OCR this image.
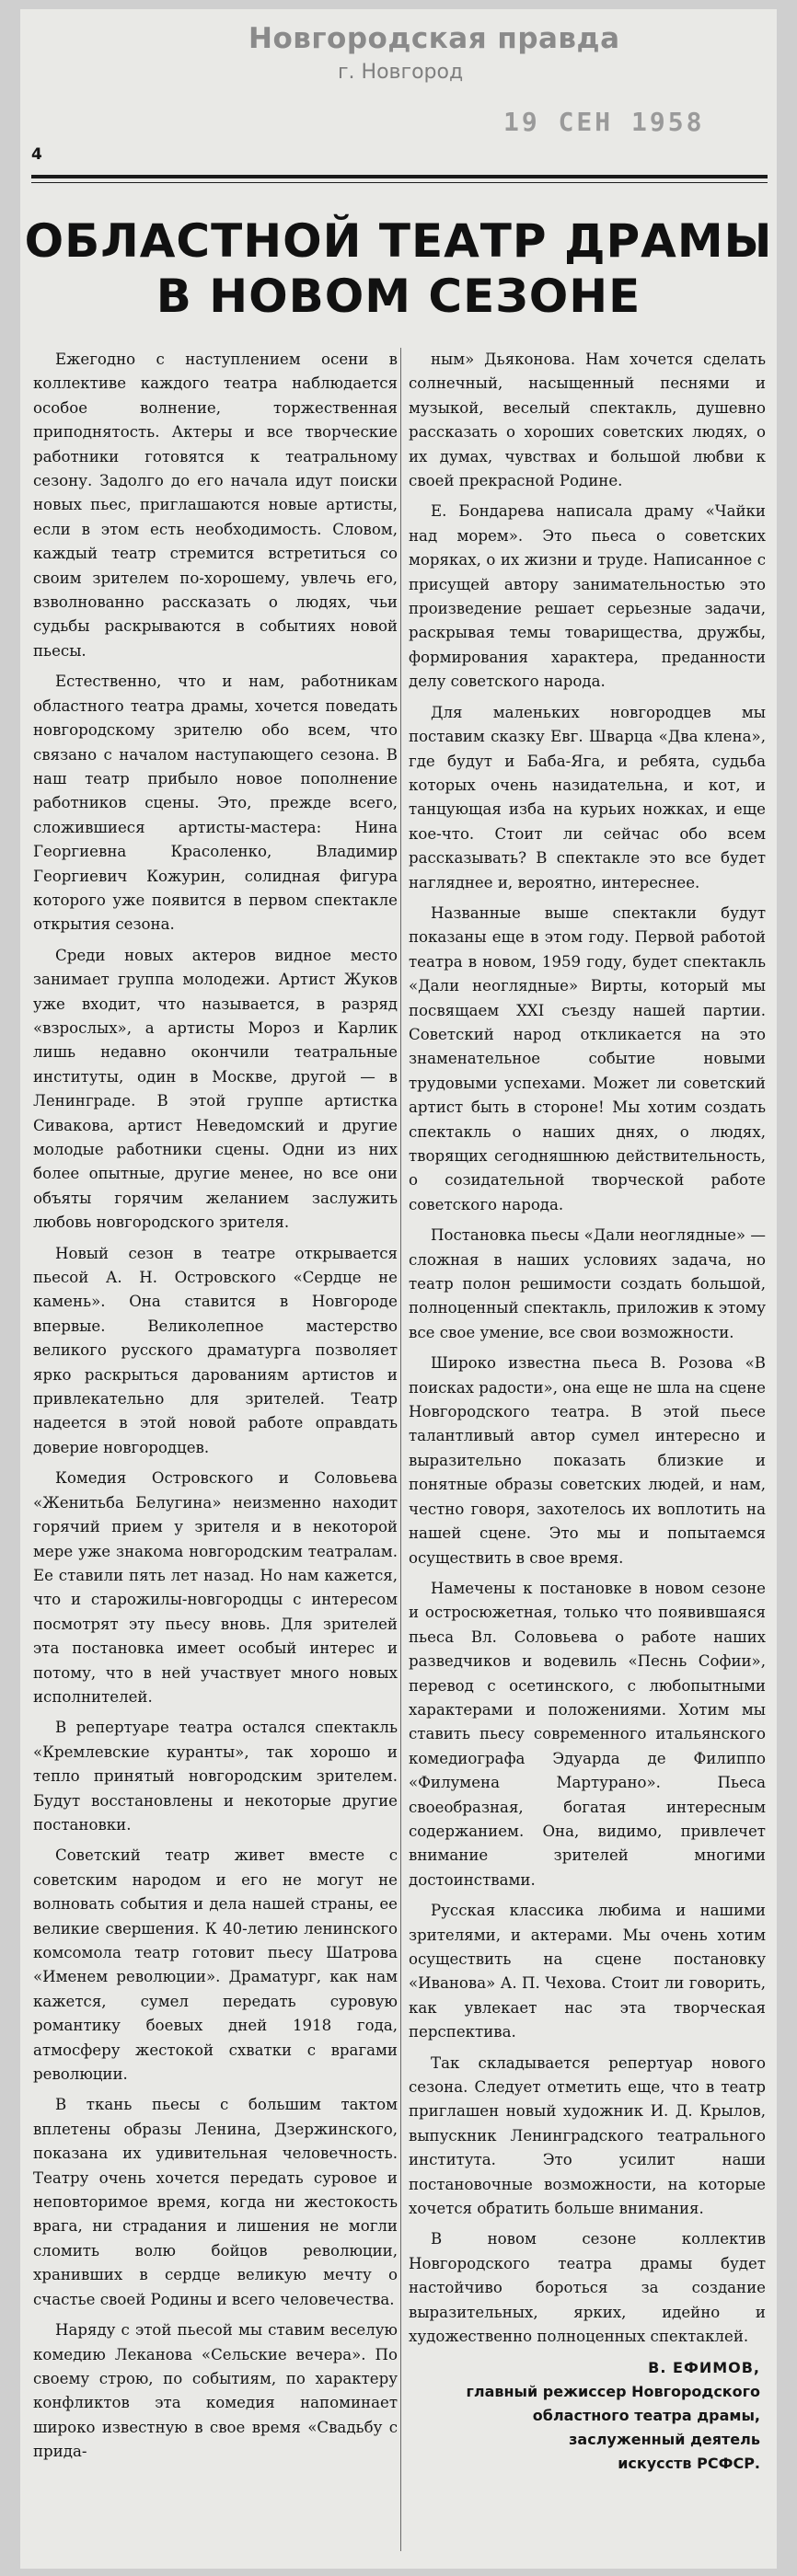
Новгородская правда
г. Новгород
19 СЕН 1958
4
ОБЛАСТНОЙ ТЕАТР ДРАМЫ
В НОВОМ СЕЗОНЕ

Ежегодно с наступлением осени в коллективе каждого театра наблюдается особое волнение, торжественная приподнятость. Актеры и все творческие работники готовятся к театральному сезону. Задолго до его начала идут поиски новых пьес, приглашаются новые артисты, если в этом есть необходимость. Словом, каждый театр стремится встретиться со своим зрителем по-хорошему, увлечь его, взволнованно рассказать о людях, чьи судьбы раскрываются в событиях новой пьесы.

Естественно, что и нам, работникам областного театра драмы, хочется поведать новгородскому зрителю обо всем, что связано с началом наступающего сезона. В наш театр прибыло новое пополнение работников сцены. Это, прежде всего, сложившиеся артисты-мастера: Нина Георгиевна Красоленко, Владимир Георгиевич Кожурин, солидная фигура которого уже появится в первом спектакле открытия сезона.

Среди новых актеров видное место занимает группа молодежи. Артист Жуков уже входит, что называется, в разряд «взрослых», а артисты Мороз и Карлик лишь недавно окончили театральные институты, один в Москве, другой — в Ленинграде. В этой группе артистка Сивакова, артист Неведомский и другие молодые работники сцены. Одни из них более опытные, другие менее, но все они объяты горячим желанием заслужить любовь новгородского зрителя.

Новый сезон в театре открывается пьесой А. Н. Островского «Сердце не камень». Она ставится в Новгороде впервые. Великолепное мастерство великого русского драматурга позволяет ярко раскрыться дарованиям артистов и привлекательно для зрителей. Театр надеется в этой новой работе оправдать доверие новгородцев.

Комедия Островского и Соловьева «Женитьба Белугина» неизменно находит горячий прием у зрителя и в некоторой мере уже знакома новгородским театралам. Ее ставили пять лет назад. Но нам кажется, что и старожилы-новгородцы с интересом посмотрят эту пьесу вновь. Для зрителей эта постановка имеет особый интерес и потому, что в ней участвует много новых исполнителей.

В репертуаре театра остался спектакль «Кремлевские куранты», так хорошо и тепло принятый новгородским зрителем. Будут восстановлены и некоторые другие постановки.

Советский театр живет вместе с советским народом и его не могут не волновать события и дела нашей страны, ее великие свершения. К 40-летию ленинского комсомола театр готовит пьесу Шатрова «Именем революции». Драматург, как нам кажется, сумел передать суровую романтику боевых дней 1918 года, атмосферу жестокой схватки с врагами революции.

В ткань пьесы с большим тактом вплетены образы Ленина, Дзержинского, показана их удивительная человечность. Театру очень хочется передать суровое и неповторимое время, когда ни жестокость врага, ни страдания и лишения не могли сломить волю бойцов революции, хранивших в сердце великую мечту о счастье своей Родины и всего человечества.

Наряду с этой пьесой мы ставим веселую комедию Леканова «Сельские вечера». По своему строю, по событиям, по характеру конфликтов эта комедия напоминает широко известную в свое время «Свадьбу с прида-

ным» Дьяконова. Нам хочется сделать солнечный, насыщенный песнями и музыкой, веселый спектакль, душевно рассказать о хороших советских людях, о их думах, чувствах и большой любви к своей прекрасной Родине.

Е. Бондарева написала драму «Чайки над морем». Это пьеса о советских моряках, о их жизни и труде. Написанное с присущей автору занимательностью это произведение решает серьезные задачи, раскрывая темы товарищества, дружбы, формирования характера, преданности делу советского народа.

Для маленьких новгородцев мы поставим сказку Евг. Шварца «Два клена», где будут и Баба-Яга, и ребята, судьба которых очень назидательна, и кот, и танцующая изба на курьих ножках, и еще кое-что. Стоит ли сейчас обо всем рассказывать? В спектакле это все будет нагляднее и, вероятно, интереснее.

Названные выше спектакли будут показаны еще в этом году. Первой работой театра в новом, 1959 году, будет спектакль «Дали неоглядные» Вирты, который мы посвящаем XXI съезду нашей партии. Советский народ откликается на это знаменательное событие новыми трудовыми успехами. Может ли советский артист быть в стороне! Мы хотим создать спектакль о наших днях, о людях, творящих сегодняшнюю действительность, о созидательной творческой работе советского народа.

Постановка пьесы «Дали неоглядные» — сложная в наших условиях задача, но театр полон решимости создать большой, полноценный спектакль, приложив к этому все свое умение, все свои возможности.

Широко известна пьеса В. Розова «В поисках радости», она еще не шла на сцене Новгородского театра. В этой пьесе талантливый автор сумел интересно и выразительно показать близкие и понятные образы советских людей, и нам, честно говоря, захотелось их воплотить на нашей сцене. Это мы и попытаемся осуществить в свое время.

Намечены к постановке в новом сезоне и остросюжетная, только что появившаяся пьеса Вл. Соловьева о работе наших разведчиков и водевиль «Песнь Софии», перевод с осетинского, с любопытными характерами и положениями. Хотим мы ставить пьесу современного итальянского комедиографа Эдуарда де Филиппо «Филумена Мартурано». Пьеса своеобразная, богатая интересным содержанием. Она, видимо, привлечет внимание зрителей многими достоинствами.

Русская классика любима и нашими зрителями, и актерами. Мы очень хотим осуществить на сцене постановку «Иванова» А. П. Чехова. Стоит ли говорить, как увлекает нас эта творческая перспектива.

Так складывается репертуар нового сезона. Следует отметить еще, что в театр приглашен новый художник И. Д. Крылов, выпускник Ленинградского театрального института. Это усилит наши постановочные возможности, на которые хочется обратить больше внимания.

В новом сезоне коллектив Новгородского театра драмы будет настойчиво бороться за создание выразительных, ярких, идейно и художественно полноценных спектаклей.

В. ЕФИМОВ,
главный режиссер Новгородского
областного театра драмы,
заслуженный деятель
искусств РСФСР.
